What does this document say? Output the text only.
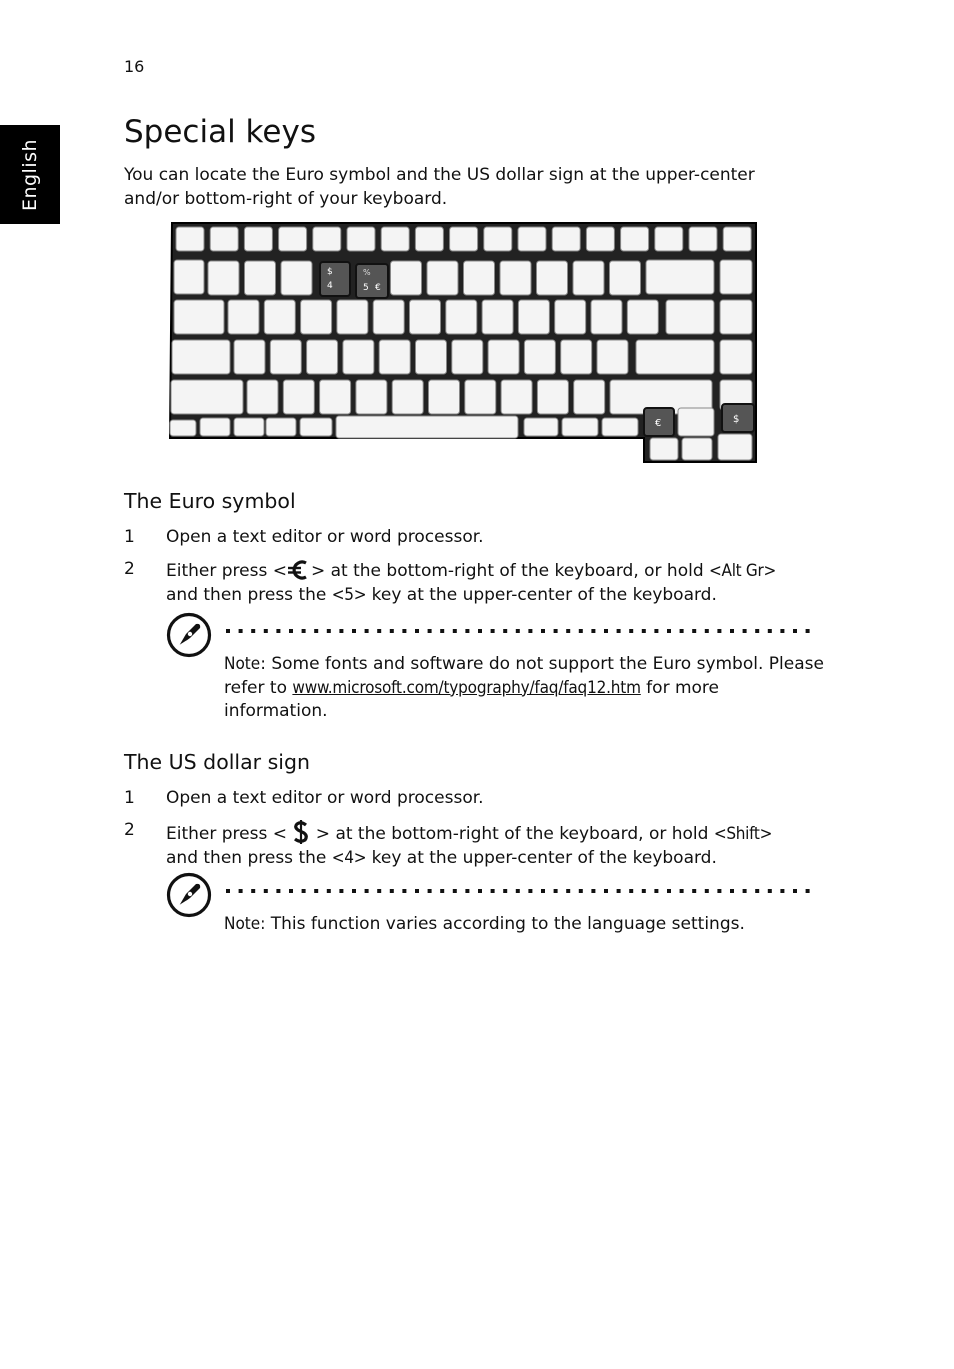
16
English
Special keys

You can locate the Euro symbol and the US dollar sign at the upper-center and/or bottom-right of your keyboard.

$
4
%
5 €
€	$
The Euro symbol
1 Open a text editor or word processor.
2 Either press < > at the bottom-right of the keyboard, or hold <Alt Gr>
and then press the <5> key at the upper-center of the keyboard.
Note: Some fonts and software do not support the Euro symbol. Please refer to www.microsoft.com/typography/faq/faq12.htm for more information.
The US dollar sign
1 Open a text editor or word processor.
2 Either press <  > at the bottom-right of the keyboard, or hold <Shift>
and then press the <4> key at the upper-center of the keyboard.
Note: This function varies according to the language settings.
